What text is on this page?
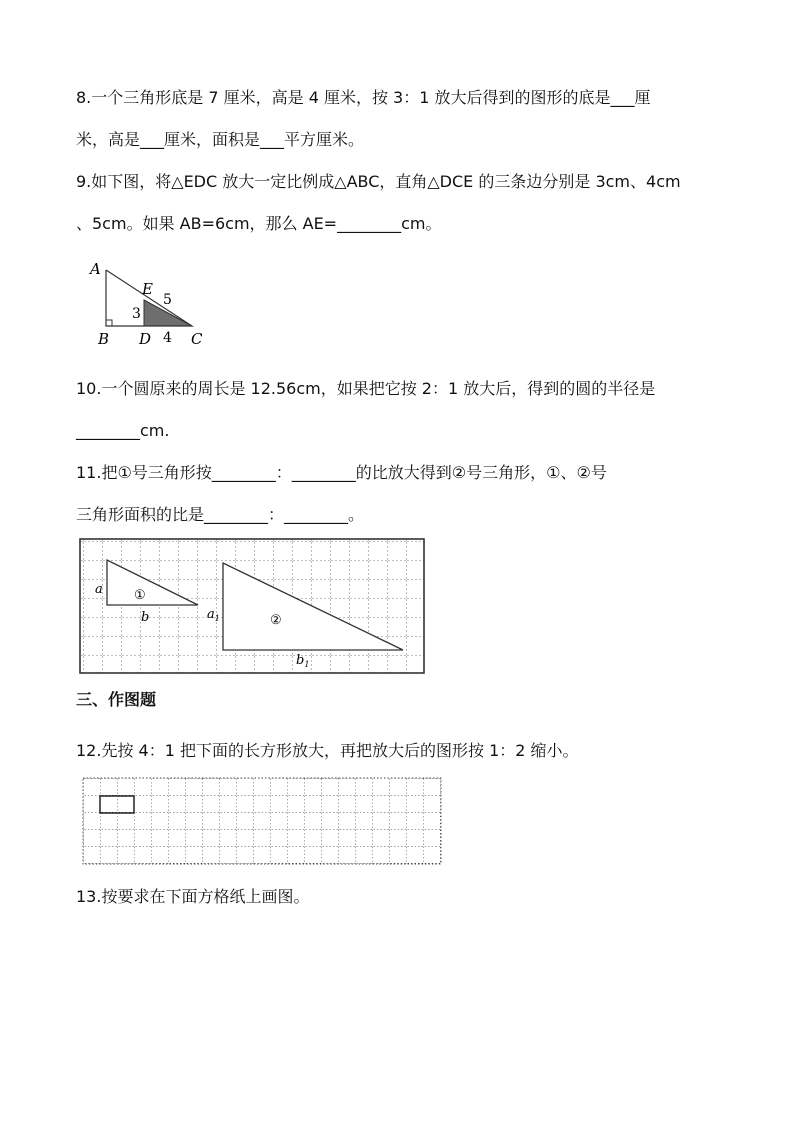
8.一个三角形底是 7 厘米，高是 4 厘米，按 3：1 放大后得到的图形的底是___厘
米，高是___厘米，面积是___平方厘米。
9.如下图，将△EDC 放大一定比例成△ABC，直角△DCE 的三条边分别是 3cm、4cm
、5cm。如果 AB=6cm，那么 AE=________cm。
A
B D	C
E
3
4
5
10.一个圆原来的周长是 12.56cm，如果把它按 2：1 放大后，得到的圆的半径是
________cm.
11.把①号三角形按________：________的比放大得到②号三角形，①、②号
三角形面积的比是________：________。
①
②
a
b	$a_1$
$b_1$
三、作图题
12.先按 4：1 把下面的长方形放大，再把放大后的图形按 1：2 缩小。
13.按要求在下面方格纸上画图。
